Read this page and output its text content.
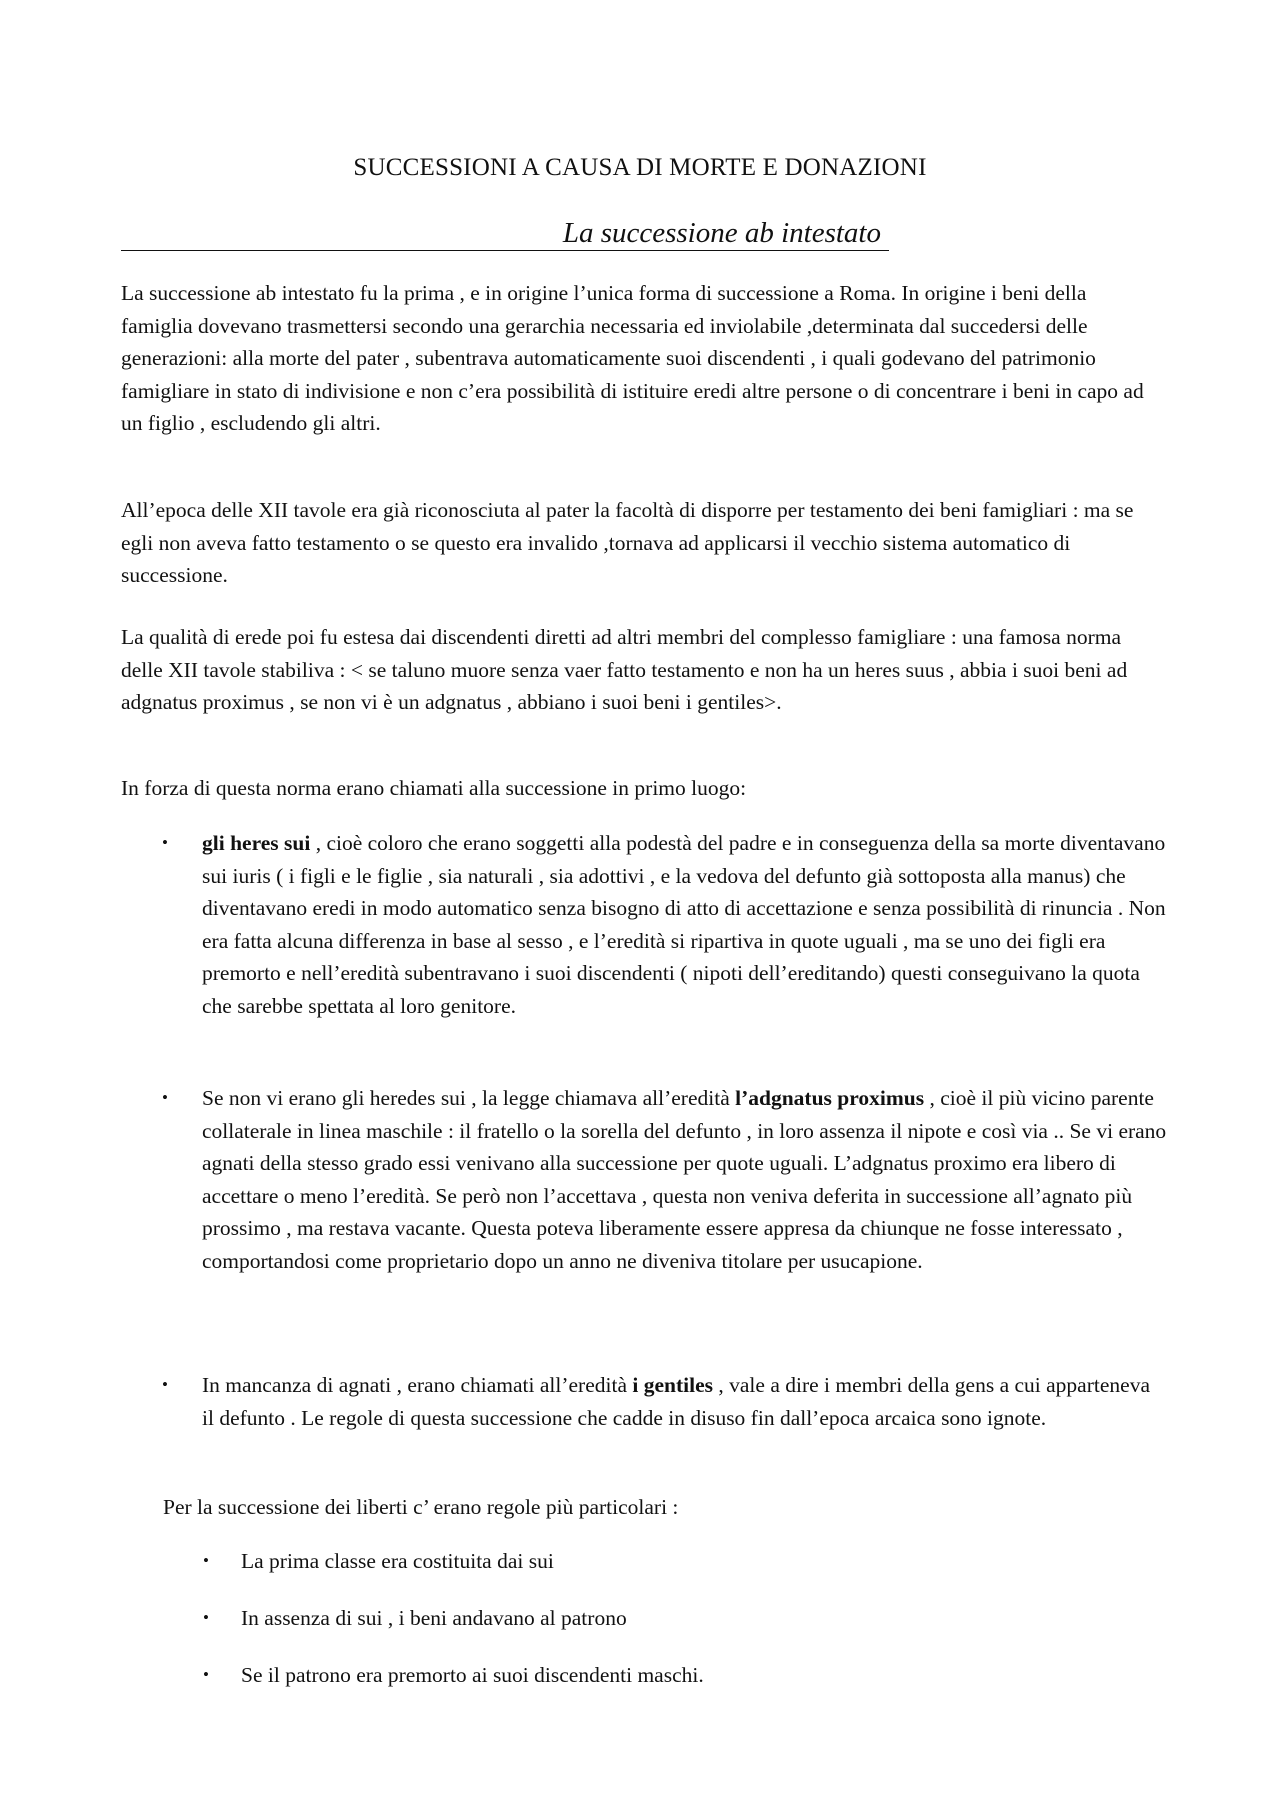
SUCCESSIONI A CAUSA DI MORTE E DONAZIONI
La successione ab intestato

La successione ab intestato fu la prima , e in origine l’unica forma di successione a Roma. In origine i beni della famiglia dovevano trasmettersi secondo una gerarchia necessaria ed inviolabile ,determinata dal succedersi delle generazioni: alla morte del pater , subentrava automaticamente suoi discendenti , i quali godevano del patrimonio famigliare in stato di indivisione e non c’era possibilità di istituire eredi altre persone o di concentrare i beni in capo ad un figlio , escludendo gli altri.

All’epoca delle XII tavole era già riconosciuta al pater la facoltà di disporre per testamento dei beni famigliari : ma se egli non aveva fatto testamento o se questo era invalido ,tornava ad applicarsi il vecchio sistema automatico di successione.

La qualità di erede poi fu estesa dai discendenti diretti ad altri membri del complesso famigliare : una famosa norma delle XII tavole stabiliva : < se taluno muore senza vaer fatto testamento e non ha un heres suus , abbia i suoi beni ad adgnatus proximus , se non vi è un adgnatus , abbiano i suoi beni i gentiles>.

In forza di questa norma erano chiamati alla successione in primo luogo:

• gli heres sui , cioè coloro che erano soggetti alla podestà del padre e in conseguenza della sa morte diventavano sui iuris ( i figli e le figlie , sia naturali , sia adottivi , e la vedova del defunto già sottoposta alla manus) che diventavano eredi in modo automatico senza bisogno di atto di accettazione e senza possibilità di rinuncia . Non era fatta alcuna differenza in base al sesso , e l’eredità si ripartiva in quote uguali , ma se uno dei figli era premorto e nell’eredità subentravano i suoi discendenti ( nipoti dell’ereditando) questi conseguivano la quota che sarebbe spettata al loro genitore.
• Se non vi erano gli heredes sui , la legge chiamava all’eredità l’adgnatus proximus , cioè il più vicino parente collaterale in linea maschile : il fratello o la sorella del defunto , in loro assenza il nipote e così via .. Se vi erano agnati della stesso grado essi venivano alla successione per quote uguali. L’adgnatus proximo era libero di accettare o meno l’eredità. Se però non l’accettava , questa non veniva deferita in successione all’agnato più prossimo , ma restava vacante. Questa poteva liberamente essere appresa da chiunque ne fosse interessato , comportandosi come proprietario dopo un anno ne diveniva titolare per usucapione.
• In mancanza di agnati , erano chiamati all’eredità i gentiles , vale a dire i membri della gens a cui apparteneva il defunto . Le regole di questa successione che cadde in disuso fin dall’epoca arcaica sono ignote.

Per la successione dei liberti c’ erano regole più particolari :

• La prima classe era costituita dai sui
• In assenza di sui , i beni andavano al patrono
• Se il patrono era premorto ai suoi discendenti maschi.
